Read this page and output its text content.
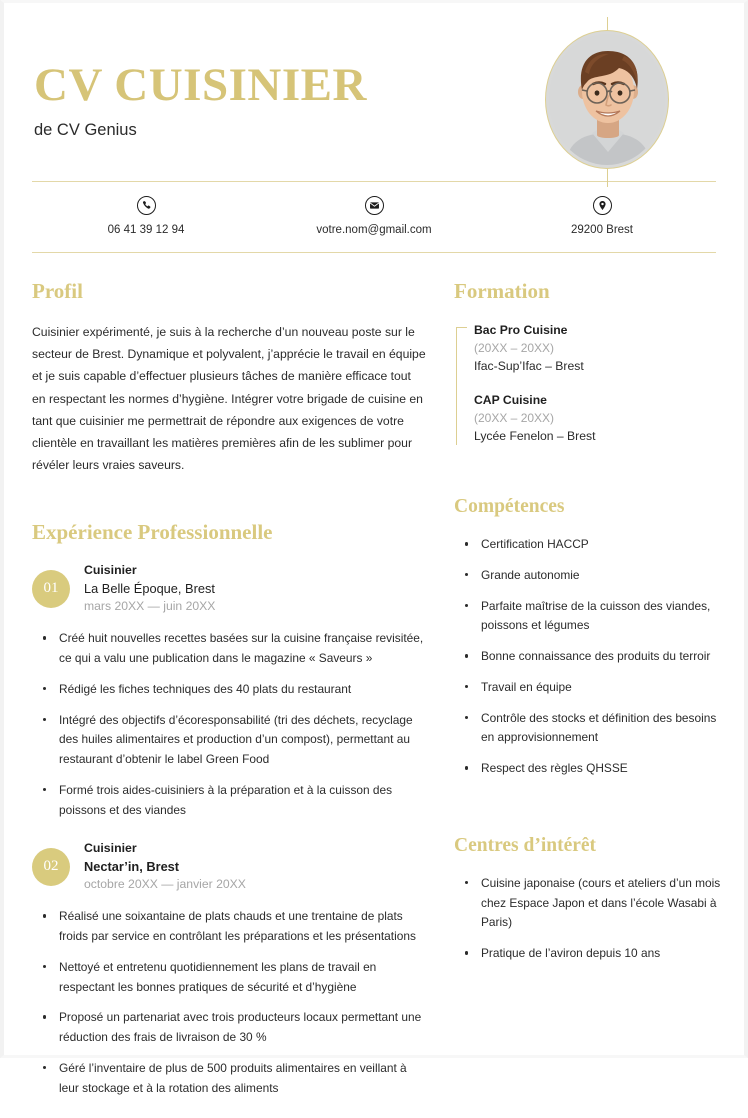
CV CUISINIER
de CV Genius
06 41 39 12 94	votre.nom@gmail.com	29200 Brest
Profil
Cuisinier expérimenté, je suis à la recherche d’un nouveau poste sur le secteur de Brest. Dynamique et polyvalent, j’apprécie le travail en équipe et je suis capable d’effectuer plusieurs tâches de manière efficace tout en respectant les normes d’hygiène. Intégrer votre brigade de cuisine en tant que cuisinier me permettrait de répondre aux exigences de votre clientèle en travaillant les matières premières afin de les sublimer pour révéler leurs vraies saveurs.
Expérience Professionnelle
01
Cuisinier
La Belle Époque, Brest
mars 20XX — juin 20XX
Créé huit nouvelles recettes basées sur la cuisine française revisitée, ce qui a valu une publication dans le magazine « Saveurs »
Rédigé les fiches techniques des 40 plats du restaurant
Intégré des objectifs d’écoresponsabilité (tri des déchets, recyclage des huiles alimentaires et production d’un compost), permettant au restaurant d’obtenir le label Green Food
Formé trois aides-cuisiniers à la préparation et à la cuisson des poissons et des viandes
02
Cuisinier
Nectar’in, Brest
octobre 20XX — janvier 20XX
Réalisé une soixantaine de plats chauds et une trentaine de plats froids par service en contrôlant les préparations et les présentations
Nettoyé et entretenu quotidiennement les plans de travail en respectant les bonnes pratiques de sécurité et d’hygiène
Proposé un partenariat avec trois producteurs locaux permettant une réduction des frais de livraison de 30 %
Géré l’inventaire de plus de 500 produits alimentaires en veillant à leur stockage et à la rotation des aliments
Formation
Bac Pro Cuisine
(20XX – 20XX)
Ifac-Sup’Ifac – Brest
CAP Cuisine
(20XX – 20XX)
Lycée Fenelon – Brest
Compétences
Certification HACCP
Grande autonomie
Parfaite maîtrise de la cuisson des viandes, poissons et légumes
Bonne connaissance des produits du terroir
Travail en équipe
Contrôle des stocks et définition des besoins en approvisionnement
Respect des règles QHSSE
Centres d’intérêt
Cuisine japonaise (cours et ateliers d’un mois chez Espace Japon et dans l’école Wasabi à Paris)
Pratique de l’aviron depuis 10 ans
